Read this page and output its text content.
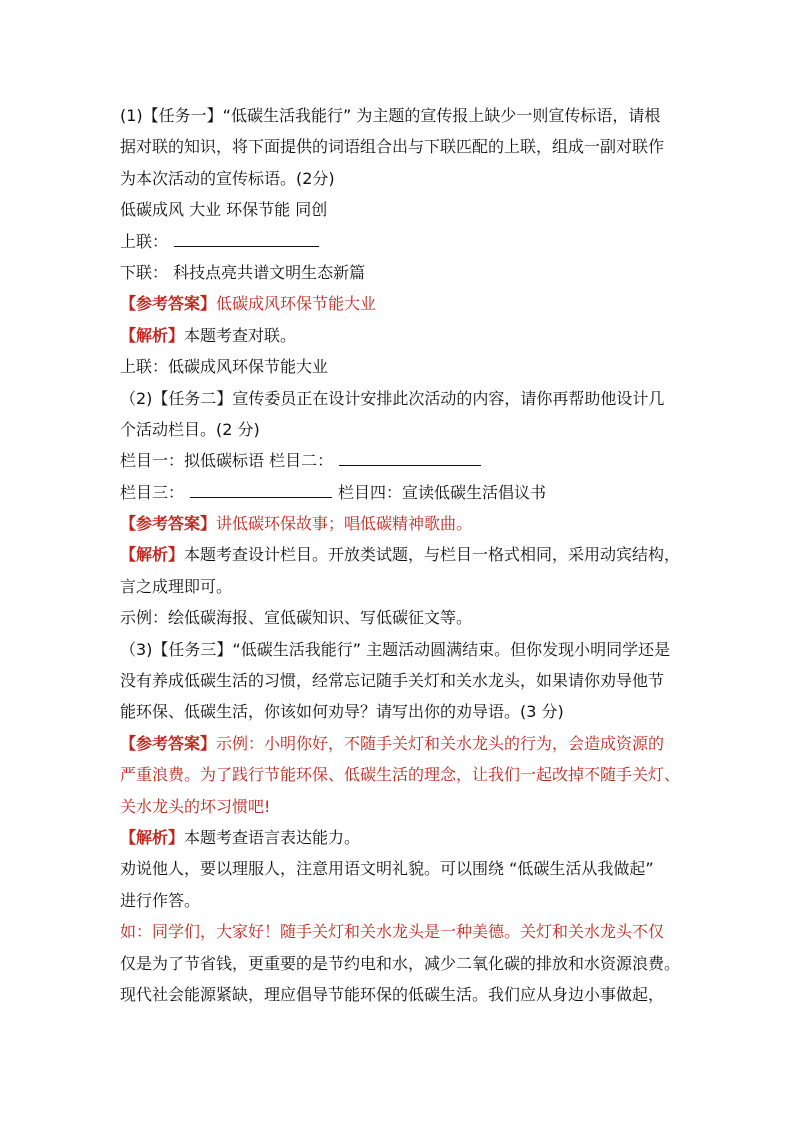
(1)【任务一】“低碳生活我能行” 为主题的宣传报上缺少一则宣传标语，请根
据对联的知识，将下面提供的词语组合出与下联匹配的上联，组成一副对联作
为本次活动的宣传标语。(2分)
低碳成风 大业 环保节能 同创
上联：
下联： 科技点亮共谱文明生态新篇
【参考答案】低碳成风环保节能大业
【解析】本题考查对联。
上联：低碳成风环保节能大业
（2)【任务二】宣传委员正在设计安排此次活动的内容，请你再帮助他设计几
个活动栏目。(2 分)
栏目一：拟低碳标语 栏目二：
栏目三：	栏目四：宣读低碳生活倡议书
【参考答案】讲低碳环保故事；唱低碳精神歌曲。
【解析】本题考查设计栏目。开放类试题，与栏目一格式相同，采用动宾结构，
言之成理即可。
示例：绘低碳海报、宣低碳知识、写低碳征文等。
（3)【任务三】“低碳生活我能行” 主题活动圆满结束。但你发现小明同学还是
没有养成低碳生活的习惯，经常忘记随手关灯和关水龙头，如果请你劝导他节
能环保、低碳生活，你该如何劝导？请写出你的劝导语。(3 分)
【参考答案】示例：小明你好，不随手关灯和关水龙头的行为，会造成资源的
严重浪费。为了践行节能环保、低碳生活的理念，让我们一起改掉不随手关灯、
关水龙头的坏习惯吧!
【解析】本题考查语言表达能力。
劝说他人，要以理服人，注意用语文明礼貌。可以围绕 “低碳生活从我做起”
进行作答。
如：同学们，大家好！随手关灯和关水龙头是一种美德。关灯和关水龙头不仅
仅是为了节省钱，更重要的是节约电和水，减少二氧化碳的排放和水资源浪费。
现代社会能源紧缺，理应倡导节能环保的低碳生活。我们应从身边小事做起，
